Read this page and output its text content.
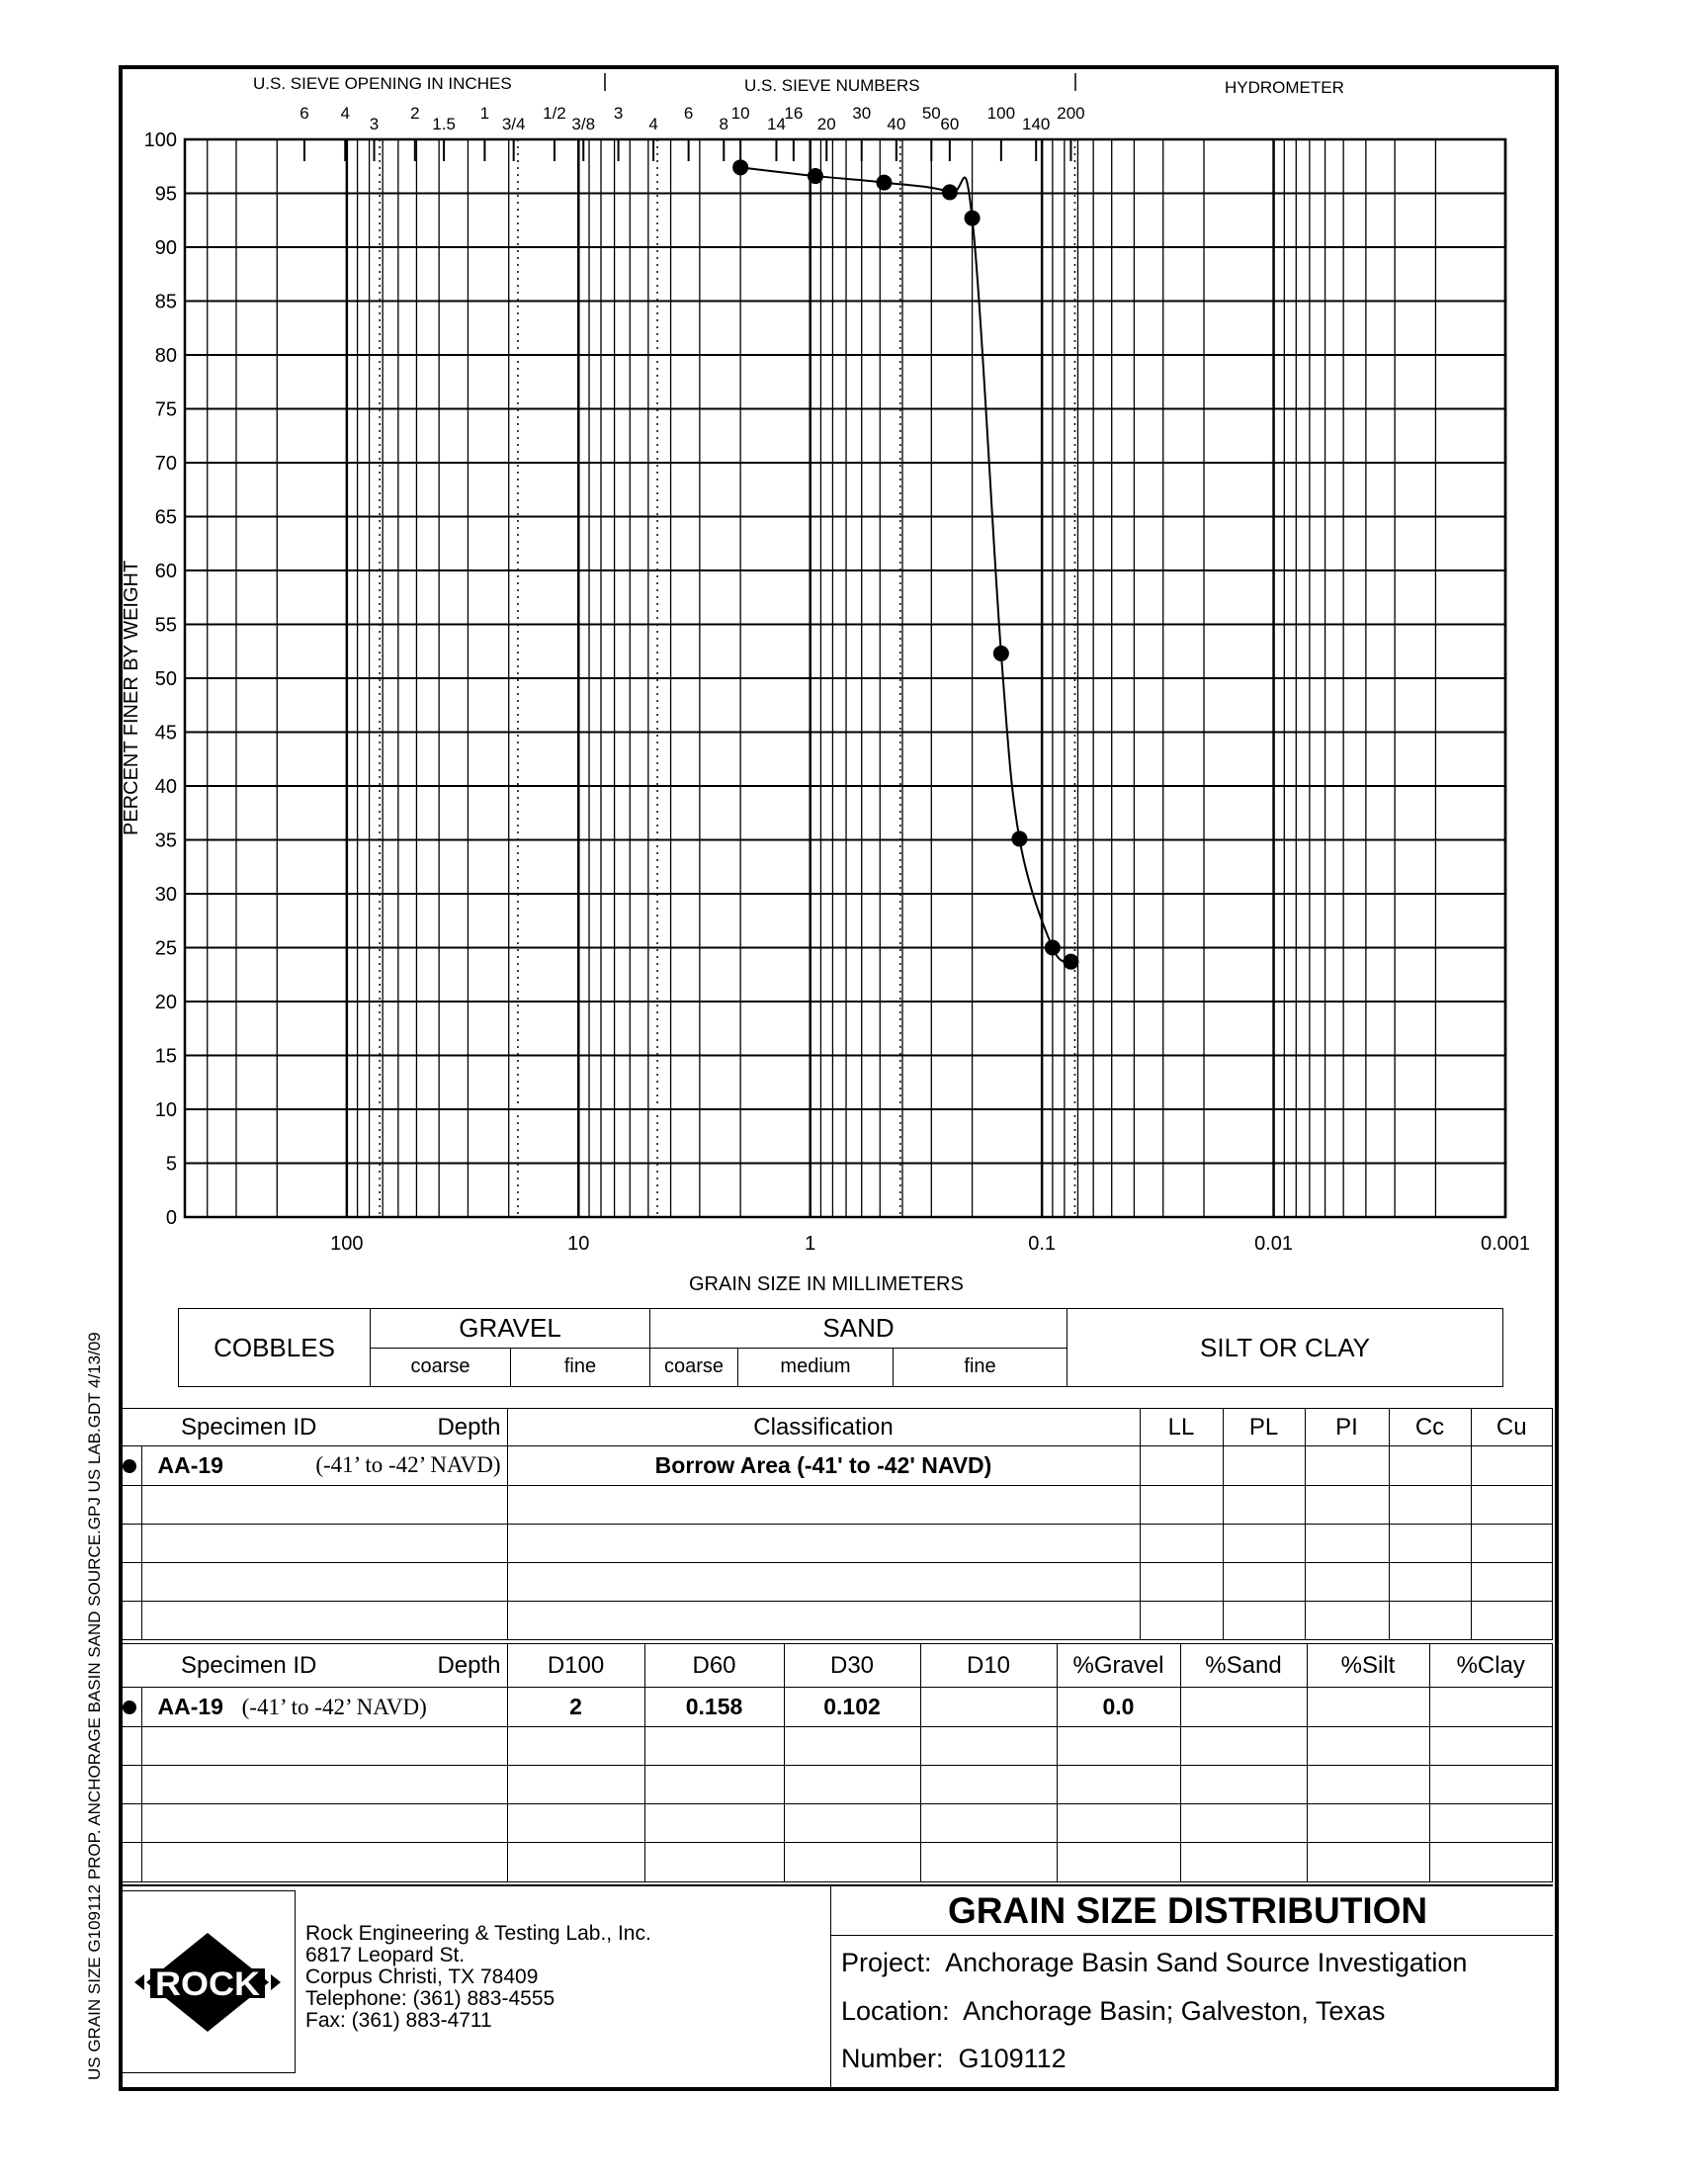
US GRAIN SIZE G109112 PROP. ANCHORAGE BASIN SAND SOURCE.GPJ US LAB.GDT 4/13/09
100
95
90
85
80
75
70
65
60
55
50
45
40
35
30
25
20
15
10
5
0
100	10	1	0.1	0.01	0.001
6 4
3
2
1.5
1
3/4
1/2
3/8
3
4
6
8
10
14
16
20
30
40
50
60
100
140
200
U.S. SIEVE OPENING IN INCHES	U.S. SIEVE NUMBERS	HYDROMETER
GRAIN SIZE IN MILLIMETERS
PERCENT FINER BY WEIGHT
COBBLES	GRAVEL		SAND			SILT OR CLAY
	coarse	fine	coarse	medium	fine	
Specimen ID Depth		Classification	LL	PL	PI	Cc	Cu
	AA-19 (-41’ to -42’ NAVD)	Borrow Area (-41' to -42' NAVD)					

Specimen ID Depth		D100	D60	D30	D10	%Gravel	%Sand	%Silt	%Clay
	AA-19 (-41’ to -42’ NAVD)	2	0.158	0.102		0.0			

ROCK
Rock Engineering & Testing Lab., Inc.
6817 Leopard St.
Corpus Christi, TX 78409
Telephone: (361) 883-4555
Fax: (361) 883-4711
GRAIN SIZE DISTRIBUTION
Project: Anchorage Basin Sand Source Investigation
Location: Anchorage Basin; Galveston, Texas
Number: G109112
